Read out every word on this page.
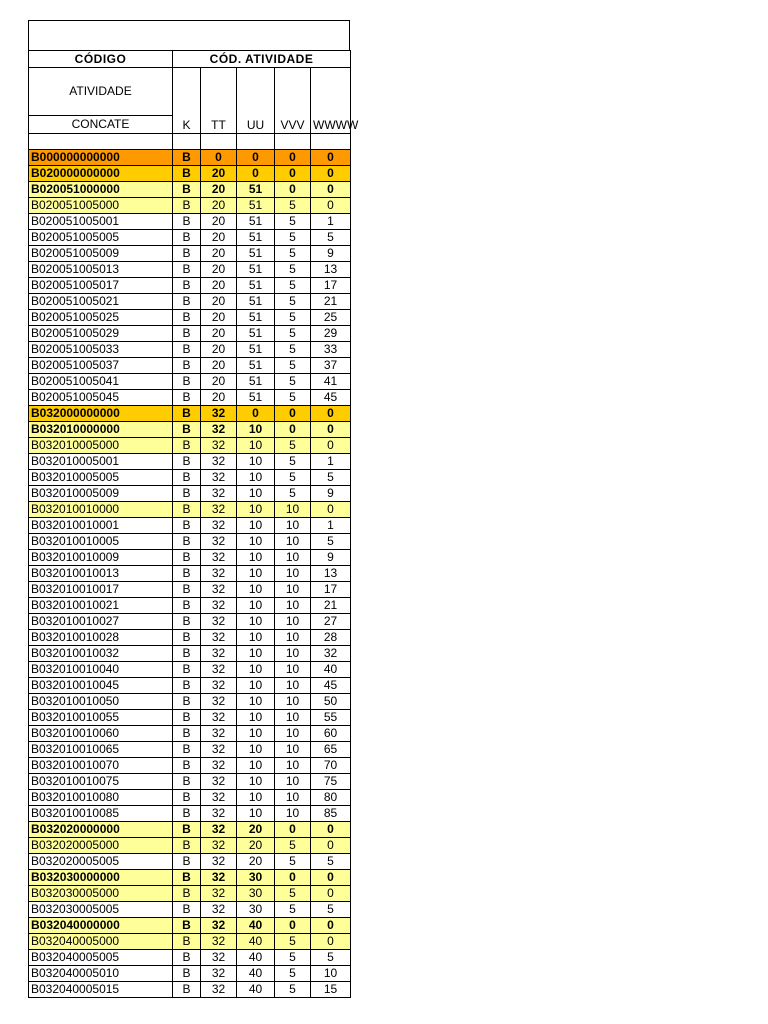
CÓDIGO	CÓD. ATIVIDADE				
ATIVIDADE	K	TT	UU	VVV	WWWW
CONCATE					

B000000000000	B	0	0	0	0
B020000000000	B	20	0	0	0
B020051000000	B	20	51	0	0
B020051005000	B	20	51	5	0
B020051005001	B	20	51	5	1
B020051005005	B	20	51	5	5
B020051005009	B	20	51	5	9
B020051005013	B	20	51	5	13
B020051005017	B	20	51	5	17
B020051005021	B	20	51	5	21
B020051005025	B	20	51	5	25
B020051005029	B	20	51	5	29
B020051005033	B	20	51	5	33
B020051005037	B	20	51	5	37
B020051005041	B	20	51	5	41
B020051005045	B	20	51	5	45
B032000000000	B	32	0	0	0
B032010000000	B	32	10	0	0
B032010005000	B	32	10	5	0
B032010005001	B	32	10	5	1
B032010005005	B	32	10	5	5
B032010005009	B	32	10	5	9
B032010010000	B	32	10	10	0
B032010010001	B	32	10	10	1
B032010010005	B	32	10	10	5
B032010010009	B	32	10	10	9
B032010010013	B	32	10	10	13
B032010010017	B	32	10	10	17
B032010010021	B	32	10	10	21
B032010010027	B	32	10	10	27
B032010010028	B	32	10	10	28
B032010010032	B	32	10	10	32
B032010010040	B	32	10	10	40
B032010010045	B	32	10	10	45
B032010010050	B	32	10	10	50
B032010010055	B	32	10	10	55
B032010010060	B	32	10	10	60
B032010010065	B	32	10	10	65
B032010010070	B	32	10	10	70
B032010010075	B	32	10	10	75
B032010010080	B	32	10	10	80
B032010010085	B	32	10	10	85
B032020000000	B	32	20	0	0
B032020005000	B	32	20	5	0
B032020005005	B	32	20	5	5
B032030000000	B	32	30	0	0
B032030005000	B	32	30	5	0
B032030005005	B	32	30	5	5
B032040000000	B	32	40	0	0
B032040005000	B	32	40	5	0
B032040005005	B	32	40	5	5
B032040005010	B	32	40	5	10
B032040005015	B	32	40	5	15
